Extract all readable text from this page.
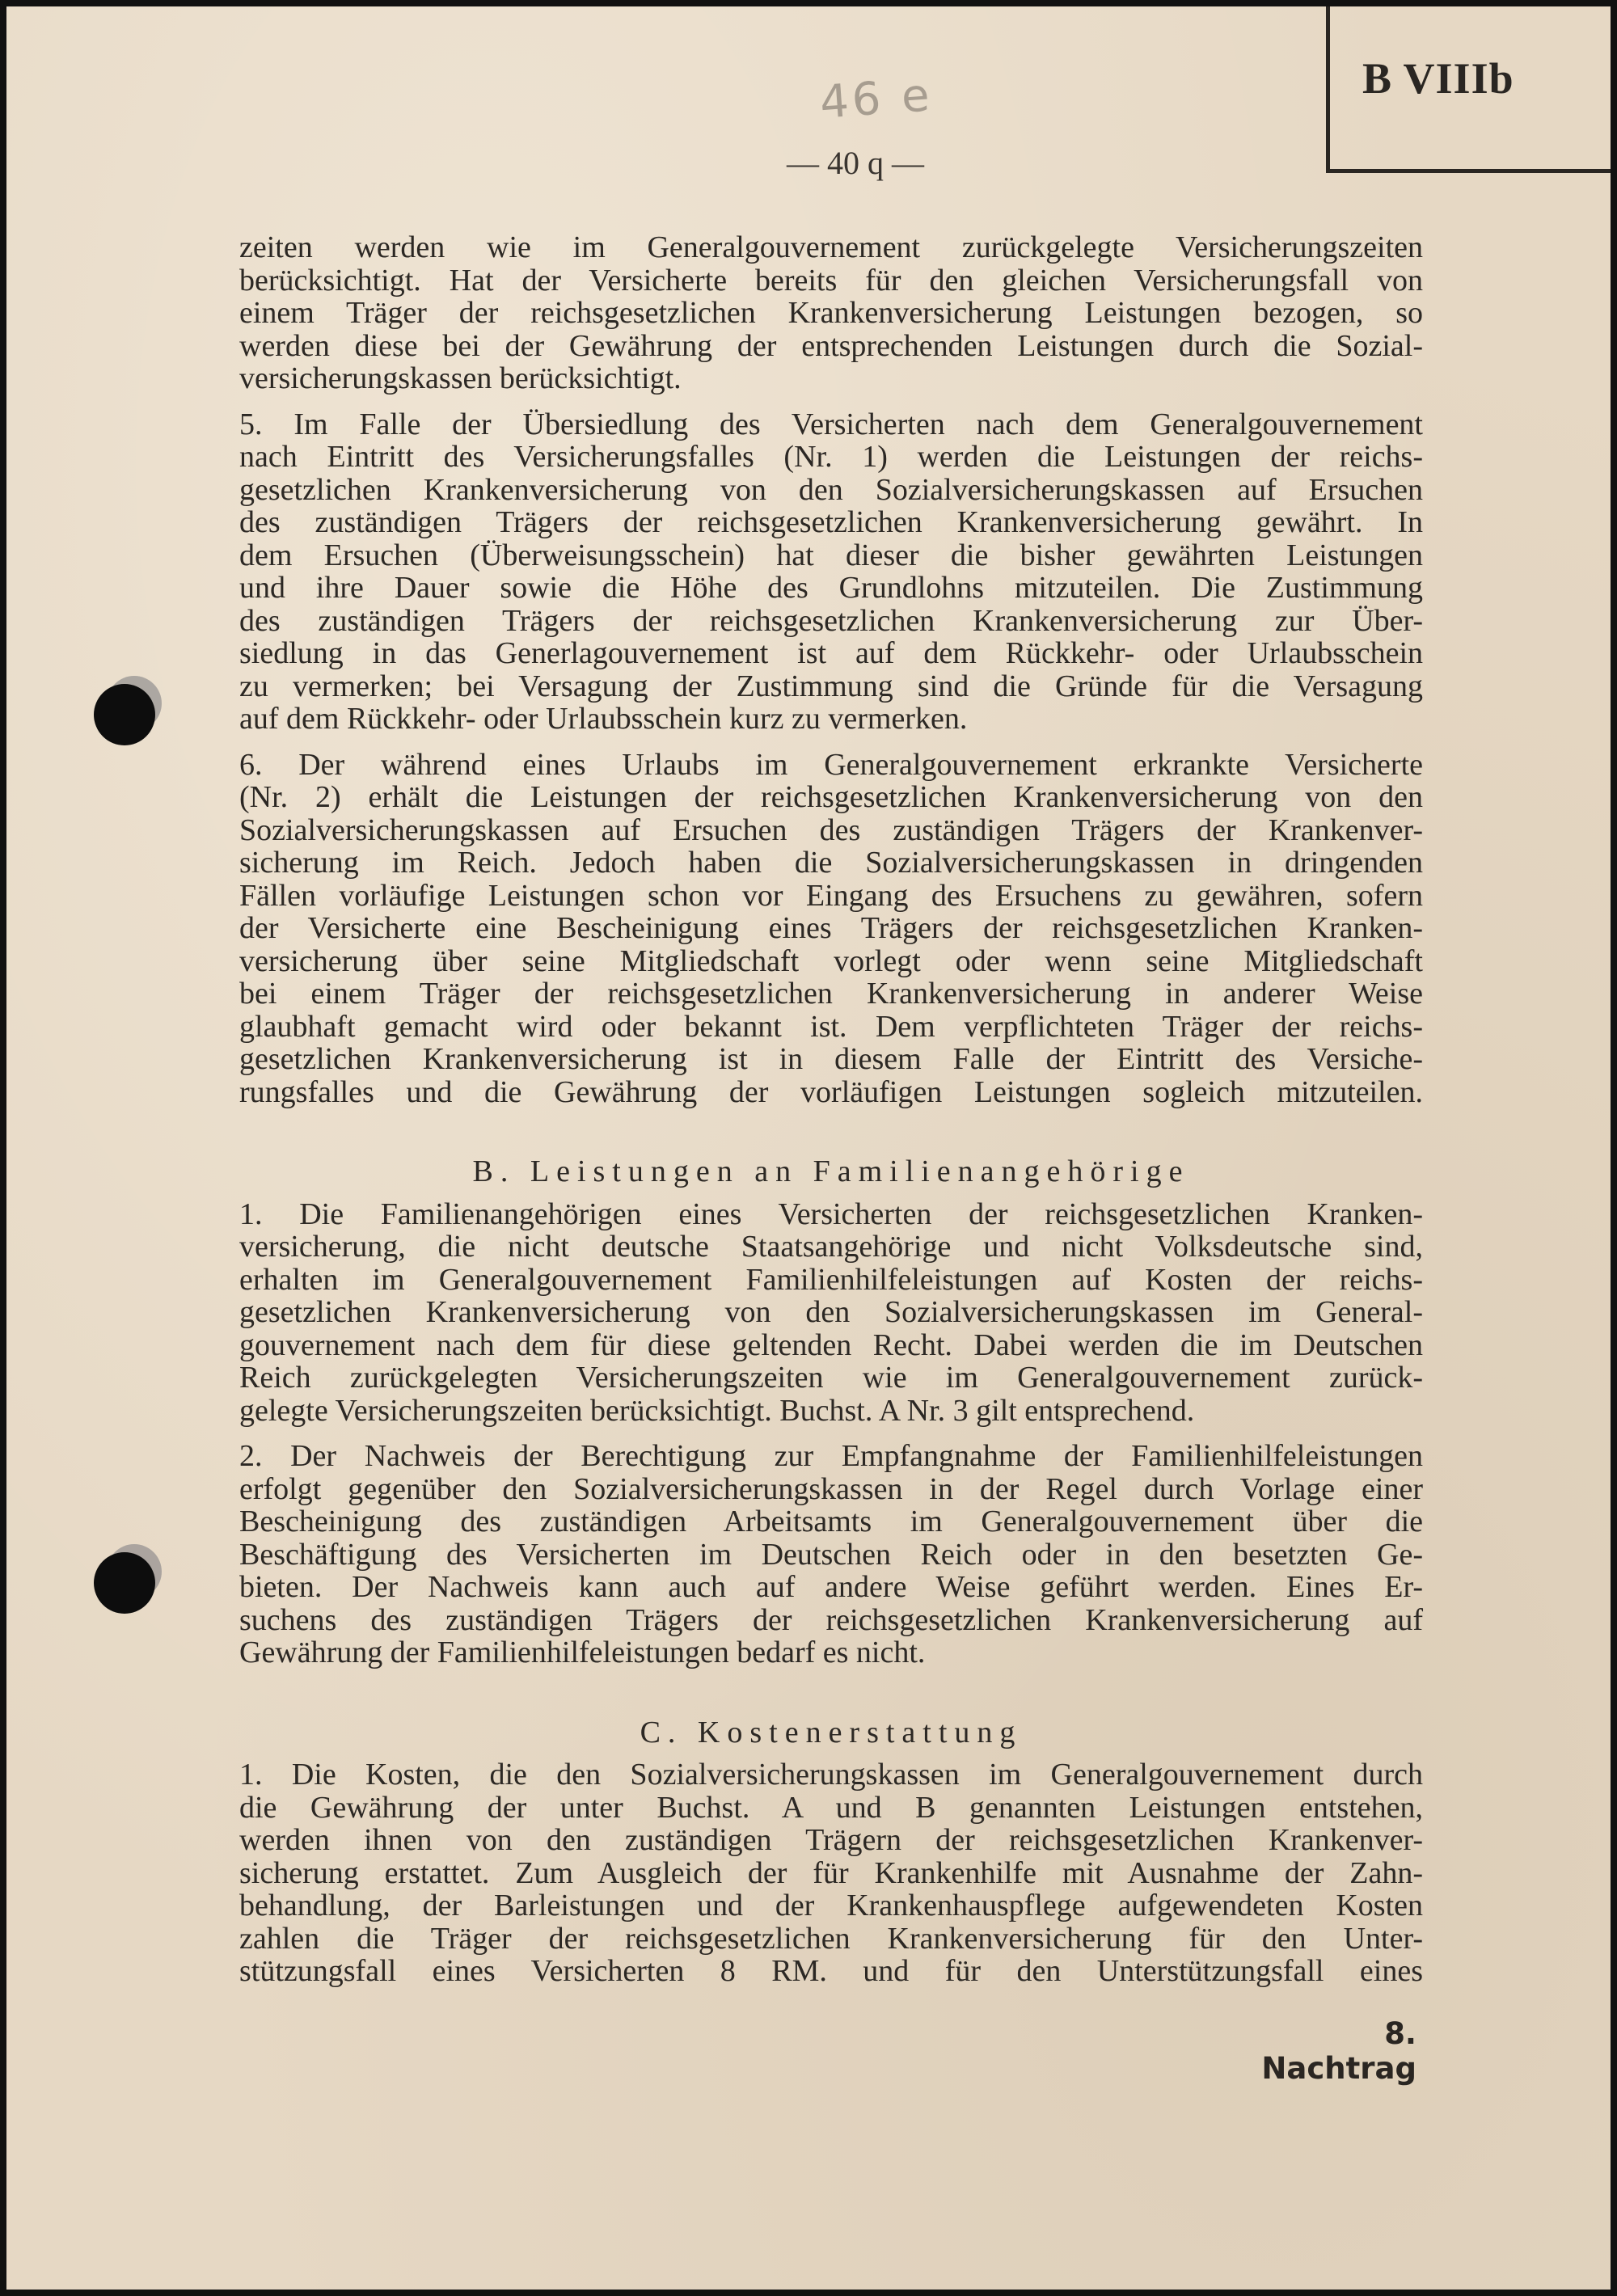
B VIIIb
46 e
— 40 q —
zeiten werden wie im Generalgouvernement zurückgelegte Versicherungszeiten
berücksichtigt. Hat der Versicherte bereits für den gleichen Versicherungsfall von
einem Träger der reichsgesetzlichen Krankenversicherung Leistungen bezogen, so
werden diese bei der Gewährung der entsprechenden Leistungen durch die Sozial-
versicherungskassen berücksichtigt.
5. Im Falle der Übersiedlung des Versicherten nach dem Generalgouvernement
nach Eintritt des Versicherungsfalles (Nr. 1) werden die Leistungen der reichs-
gesetzlichen Krankenversicherung von den Sozialversicherungskassen auf Ersuchen
des zuständigen Trägers der reichsgesetzlichen Krankenversicherung gewährt. In
dem Ersuchen (Überweisungsschein) hat dieser die bisher gewährten Leistungen
und ihre Dauer sowie die Höhe des Grundlohns mitzuteilen. Die Zustimmung
des zuständigen Trägers der reichsgesetzlichen Krankenversicherung zur Über-
siedlung in das Generlagouvernement ist auf dem Rückkehr- oder Urlaubsschein
zu vermerken; bei Versagung der Zustimmung sind die Gründe für die Versagung
auf dem Rückkehr- oder Urlaubsschein kurz zu vermerken.
6. Der während eines Urlaubs im Generalgouvernement erkrankte Versicherte
(Nr. 2) erhält die Leistungen der reichsgesetzlichen Krankenversicherung von den
Sozialversicherungskassen auf Ersuchen des zuständigen Trägers der Krankenver-
sicherung im Reich. Jedoch haben die Sozialversicherungskassen in dringenden
Fällen vorläufige Leistungen schon vor Eingang des Ersuchens zu gewähren, sofern
der Versicherte eine Bescheinigung eines Trägers der reichsgesetzlichen Kranken-
versicherung über seine Mitgliedschaft vorlegt oder wenn seine Mitgliedschaft
bei einem Träger der reichsgesetzlichen Krankenversicherung in anderer Weise
glaubhaft gemacht wird oder bekannt ist. Dem verpflichteten Träger der reichs-
gesetzlichen Krankenversicherung ist in diesem Falle der Eintritt des Versiche-
rungsfalles und die Gewährung der vorläufigen Leistungen sogleich mitzuteilen.
B. Leistungen an Familienangehörige
1. Die Familienangehörigen eines Versicherten der reichsgesetzlichen Kranken-
versicherung, die nicht deutsche Staatsangehörige und nicht Volksdeutsche sind,
erhalten im Generalgouvernement Familienhilfeleistungen auf Kosten der reichs-
gesetzlichen Krankenversicherung von den Sozialversicherungskassen im General-
gouvernement nach dem für diese geltenden Recht. Dabei werden die im Deutschen
Reich zurückgelegten Versicherungszeiten wie im Generalgouvernement zurück-
gelegte Versicherungszeiten berücksichtigt. Buchst. A Nr. 3 gilt entsprechend.
2. Der Nachweis der Berechtigung zur Empfangnahme der Familienhilfeleistungen
erfolgt gegenüber den Sozialversicherungskassen in der Regel durch Vorlage einer
Bescheinigung des zuständigen Arbeitsamts im Generalgouvernement über die
Beschäftigung des Versicherten im Deutschen Reich oder in den besetzten Ge-
bieten. Der Nachweis kann auch auf andere Weise geführt werden. Eines Er-
suchens des zuständigen Trägers der reichsgesetzlichen Krankenversicherung auf
Gewährung der Familienhilfeleistungen bedarf es nicht.
C. Kostenerstattung
1. Die Kosten, die den Sozialversicherungskassen im Generalgouvernement durch
die Gewährung der unter Buchst. A und B genannten Leistungen entstehen,
werden ihnen von den zuständigen Trägern der reichsgesetzlichen Krankenver-
sicherung erstattet. Zum Ausgleich der für Krankenhilfe mit Ausnahme der Zahn-
behandlung, der Barleistungen und der Krankenhauspflege aufgewendeten Kosten
zahlen die Träger der reichsgesetzlichen Krankenversicherung für den Unter-
stützungsfall eines Versicherten 8 RM. und für den Unterstützungsfall eines
8. Nachtrag
